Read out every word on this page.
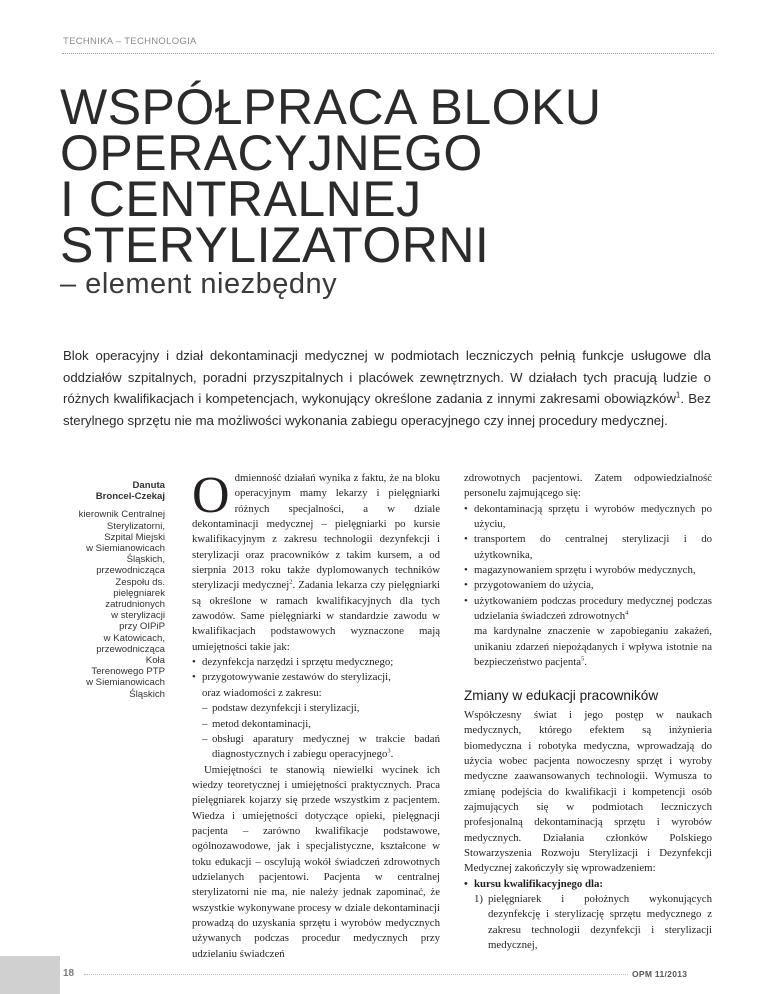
TECHNIKA – TECHNOLOGIA
WSPÓŁPRACA BLOKU
OPERACYJNEGO
I CENTRALNEJ
STERYLIZATORNI
– element niezbędny

Blok operacyjny i dział dekontaminacji medycznej w podmiotach leczniczych pełnią funkcje usługowe dla oddziałów szpitalnych, poradni przyszpitalnych i placówek zewnętrznych. W działach tych pracują ludzie o różnych kwalifikacjach i kompetencjach, wykonujący określone zadania z innymi zakresami obowiązków$^1$. Bez sterylnego sprzętu nie ma możliwości wykonania zabiegu operacyjnego czy innej procedury medycznej.

Danuta
Broncel-Czekaj

kierownik Centralnej
Sterylizatorni,
Szpital Miejski
w Siemianowicach
Śląskich,
przewodnicząca
Zespołu ds.
pielęgniarek
zatrudnionych
w sterylizacji
przy OIPiP
w Katowicach,
przewodnicząca
Koła
Terenowego PTP
w Siemianowicach
Śląskich

Odmienność działań wynika z faktu, że na bloku operacyjnym mamy lekarzy i pielęgniarki różnych specjalności, a w dziale dekontaminacji medycznej – pielęgniarki po kursie kwalifikacyjnym z zakresu technologii dezynfekcji i sterylizacji oraz pracowników z takim kursem, a od sierpnia 2013 roku także dyplomowanych techników sterylizacji medycznej$^2$. Zadania lekarza czy pielęgniarki są określone w ramach kwalifikacyjnych dla tych zawodów. Same pielęgniarki w standardzie zawodu w kwalifikacjach podstawowych wyznaczone mają umiejętności takie jak:

• dezynfekcja narzędzi i sprzętu medycznego;
• przygotowywanie zestawów do sterylizacji,

oraz wiadomości z zakresu:

– podstaw dezynfekcji i sterylizacji,
– metod dekontaminacji,
– obsługi aparatury medycznej w trakcie badań diagnostycznych i zabiegu operacyjnego$^3$.

Umiejętności te stanowią niewielki wycinek ich wiedzy teoretycznej i umiejętności praktycznych. Praca pielęgniarek kojarzy się przede wszystkim z pacjentem. Wiedza i umiejętności dotyczące opieki, pielęgnacji pacjenta – zarówno kwalifikacje podstawowe, ogólnozawodowe, jak i specjalistyczne, kształcone w toku edukacji – oscylują wokół świadczeń zdrowotnych udzielanych pacjentowi. Pacjenta w centralnej sterylizatorni nie ma, nie należy jednak zapominać, że wszystkie wykonywane procesy w dziale dekontaminacji prowadzą do uzyskania sprzętu i wyrobów medycznych używanych podczas procedur medycznych przy udzielaniu świadczeń

zdrowotnych pacjentowi. Zatem odpowiedzialność personelu zajmującego się:

• dekontaminacją sprzętu i wyrobów medycznych po użyciu,
• transportem do centralnej sterylizacji i do użytkownika,
• magazynowaniem sprzętu i wyrobów medycznych,
• przygotowaniem do użycia,
• użytkowaniem podczas procedury medycznej podczas udzielania świadczeń zdrowotnych$^4$

ma kardynalne znaczenie w zapobieganiu zakażeń, unikaniu zdarzeń niepożądanych i wpływa istotnie na bezpieczeństwo pacjenta$^5$.

Zmiany w edukacji pracowników

Współczesny świat i jego postęp w naukach medycznych, którego efektem są inżynieria biomedyczna i robotyka medyczna, wprowadzają do użycia wobec pacjenta nowoczesny sprzęt i wyroby medyczne zaawansowanych technologii. Wymusza to zmianę podejścia do kwalifikacji i kompetencji osób zajmujących się w podmiotach leczniczych profesjonalną dekontaminacją sprzętu i wyrobów medycznych. Działania członków Polskiego Stowarzyszenia Rozwoju Sterylizacji i Dezynfekcji Medycznej zakończyły się wprowadzeniem:

• kursu kwalifikacyjnego dla:

1) pielęgniarek i położnych wykonujących dezynfekcję i sterylizację sprzętu medycznego z zakresu technologii dezynfekcji i sterylizacji medycznej,

18	OPM 11/2013
